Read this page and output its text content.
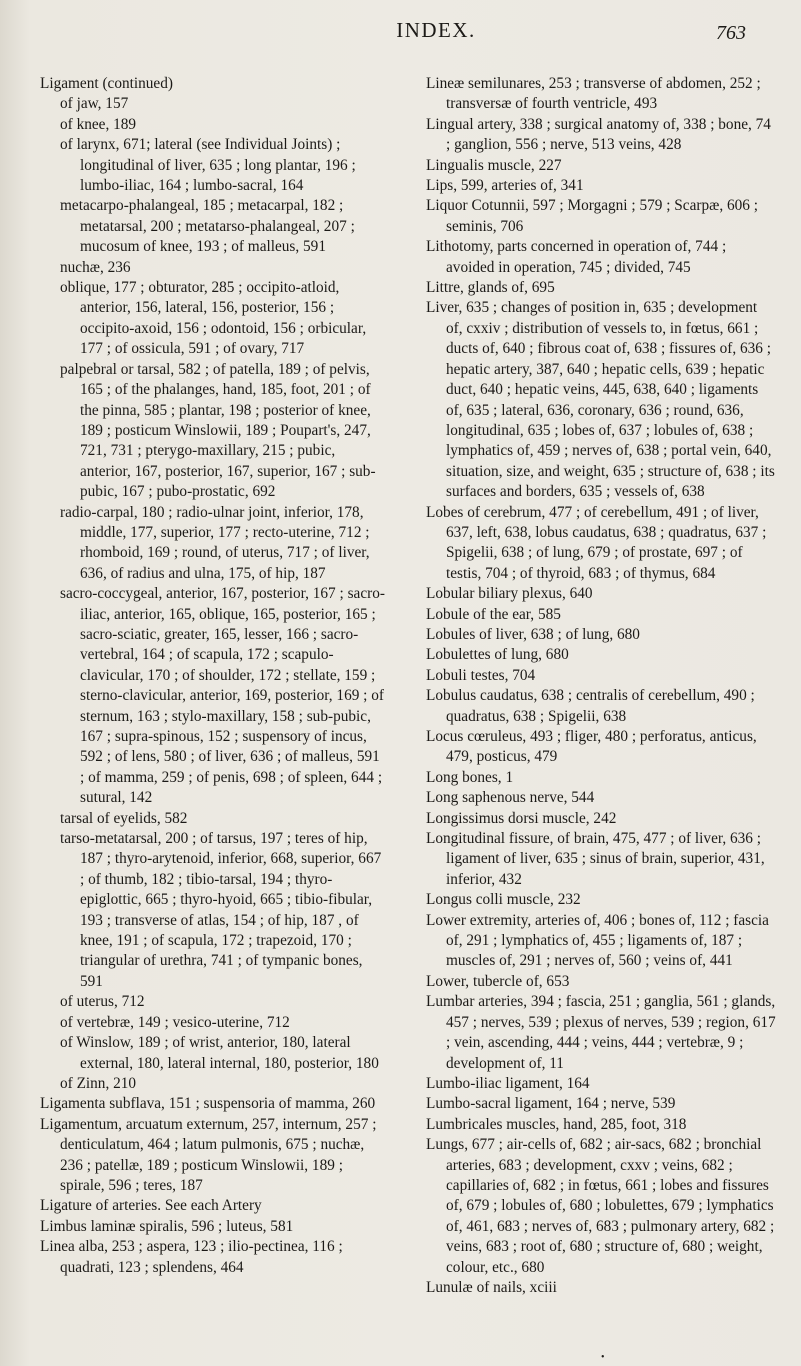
INDEX.	763

Ligament (continued)

of jaw, 157

of knee, 189

of larynx, 671; lateral (see Individual Joints) ; longitudinal of liver, 635 ; long plantar, 196 ; lumbo-iliac, 164 ; lumbo-sacral, 164

metacarpo-phalangeal, 185 ; metacarpal, 182 ; metatarsal, 200 ; metatarso-phalangeal, 207 ; mucosum of knee, 193 ; of malleus, 591

nuchæ, 236

oblique, 177 ; obturator, 285 ; occipito-atloid, anterior, 156, lateral, 156, posterior, 156 ; occipito-axoid, 156 ; odontoid, 156 ; orbicular, 177 ; of ossicula, 591 ; of ovary, 717

palpebral or tarsal, 582 ; of patella, 189 ; of pelvis, 165 ; of the phalanges, hand, 185, foot, 201 ; of the pinna, 585 ; plantar, 198 ; posterior of knee, 189 ; posticum Winslowii, 189 ; Poupart's, 247, 721, 731 ; pterygo-maxillary, 215 ; pubic, anterior, 167, posterior, 167, superior, 167 ; sub-pubic, 167 ; pubo-prostatic, 692

radio-carpal, 180 ; radio-ulnar joint, inferior, 178, middle, 177, superior, 177 ; recto-uterine, 712 ; rhomboid, 169 ; round, of uterus, 717 ; of liver, 636, of radius and ulna, 175, of hip, 187

sacro-coccygeal, anterior, 167, posterior, 167 ; sacro-iliac, anterior, 165, oblique, 165, posterior, 165 ; sacro-sciatic, greater, 165, lesser, 166 ; sacro-vertebral, 164 ; of scapula, 172 ; scapulo-clavicular, 170 ; of shoulder, 172 ; stellate, 159 ; sterno-clavicular, anterior, 169, posterior, 169 ; of sternum, 163 ; stylo-maxillary, 158 ; sub-pubic, 167 ; supra-spinous, 152 ; suspensory of incus, 592 ; of lens, 580 ; of liver, 636 ; of malleus, 591 ; of mamma, 259 ; of penis, 698 ; of spleen, 644 ; sutural, 142

tarsal of eyelids, 582

tarso-metatarsal, 200 ; of tarsus, 197 ; teres of hip, 187 ; thyro-arytenoid, inferior, 668, superior, 667 ; of thumb, 182 ; tibio-tarsal, 194 ; thyro-epiglottic, 665 ; thyro-hyoid, 665 ; tibio-fibular, 193 ; transverse of atlas, 154 ; of hip, 187 , of knee, 191 ; of scapula, 172 ; trapezoid, 170 ; triangular of urethra, 741 ; of tympanic bones, 591

of uterus, 712

of vertebræ, 149 ; vesico-uterine, 712

of Winslow, 189 ; of wrist, anterior, 180, lateral external, 180, lateral internal, 180, posterior, 180

of Zinn, 210

Ligamenta subflava, 151 ; suspensoria of mamma, 260

Ligamentum, arcuatum externum, 257, internum, 257 ; denticulatum, 464 ; latum pulmonis, 675 ; nuchæ, 236 ; patellæ, 189 ; posticum Winslowii, 189 ; spirale, 596 ; teres, 187

Ligature of arteries. See each Artery

Limbus laminæ spiralis, 596 ; luteus, 581

Linea alba, 253 ; aspera, 123 ; ilio-pectinea, 116 ; quadrati, 123 ; splendens, 464

Lineæ semilunares, 253 ; transverse of abdomen, 252 ; transversæ of fourth ventricle, 493

Lingual artery, 338 ; surgical anatomy of, 338 ; bone, 74 ; ganglion, 556 ; nerve, 513 veins, 428

Lingualis muscle, 227

Lips, 599, arteries of, 341

Liquor Cotunnii, 597 ; Morgagni ; 579 ; Scarpæ, 606 ; seminis, 706

Lithotomy, parts concerned in operation of, 744 ; avoided in operation, 745 ; divided, 745

Littre, glands of, 695

Liver, 635 ; changes of position in, 635 ; development of, cxxiv ; distribution of vessels to, in fœtus, 661 ; ducts of, 640 ; fibrous coat of, 638 ; fissures of, 636 ; hepatic artery, 387, 640 ; hepatic cells, 639 ; hepatic duct, 640 ; hepatic veins, 445, 638, 640 ; ligaments of, 635 ; lateral, 636, coronary, 636 ; round, 636, longitudinal, 635 ; lobes of, 637 ; lobules of, 638 ; lymphatics of, 459 ; nerves of, 638 ; portal vein, 640, situation, size, and weight, 635 ; structure of, 638 ; its surfaces and borders, 635 ; vessels of, 638

Lobes of cerebrum, 477 ; of cerebellum, 491 ; of liver, 637, left, 638, lobus caudatus, 638 ; quadratus, 637 ; Spigelii, 638 ; of lung, 679 ; of prostate, 697 ; of testis, 704 ; of thyroid, 683 ; of thymus, 684

Lobular biliary plexus, 640

Lobule of the ear, 585

Lobules of liver, 638 ; of lung, 680

Lobulettes of lung, 680

Lobuli testes, 704

Lobulus caudatus, 638 ; centralis of cerebellum, 490 ; quadratus, 638 ; Spigelii, 638

Locus cœruleus, 493 ; fliger, 480 ; perforatus, anticus, 479, posticus, 479

Long bones, 1

Long saphenous nerve, 544

Longissimus dorsi muscle, 242

Longitudinal fissure, of brain, 475, 477 ; of liver, 636 ; ligament of liver, 635 ; sinus of brain, superior, 431, inferior, 432

Longus colli muscle, 232

Lower extremity, arteries of, 406 ; bones of, 112 ; fascia of, 291 ; lymphatics of, 455 ; ligaments of, 187 ; muscles of, 291 ; nerves of, 560 ; veins of, 441

Lower, tubercle of, 653

Lumbar arteries, 394 ; fascia, 251 ; ganglia, 561 ; glands, 457 ; nerves, 539 ; plexus of nerves, 539 ; region, 617 ; vein, ascending, 444 ; veins, 444 ; vertebræ, 9 ; development of, 11

Lumbo-iliac ligament, 164

Lumbo-sacral ligament, 164 ; nerve, 539

Lumbricales muscles, hand, 285, foot, 318

Lungs, 677 ; air-cells of, 682 ; air-sacs, 682 ; bronchial arteries, 683 ; development, cxxv ; veins, 682 ; capillaries of, 682 ; in fœtus, 661 ; lobes and fissures of, 679 ; lobules of, 680 ; lobulettes, 679 ; lymphatics of, 461, 683 ; nerves of, 683 ; pulmonary artery, 682 ; veins, 683 ; root of, 680 ; structure of, 680 ; weight, colour, etc., 680

Lunulæ of nails, xciii

•
